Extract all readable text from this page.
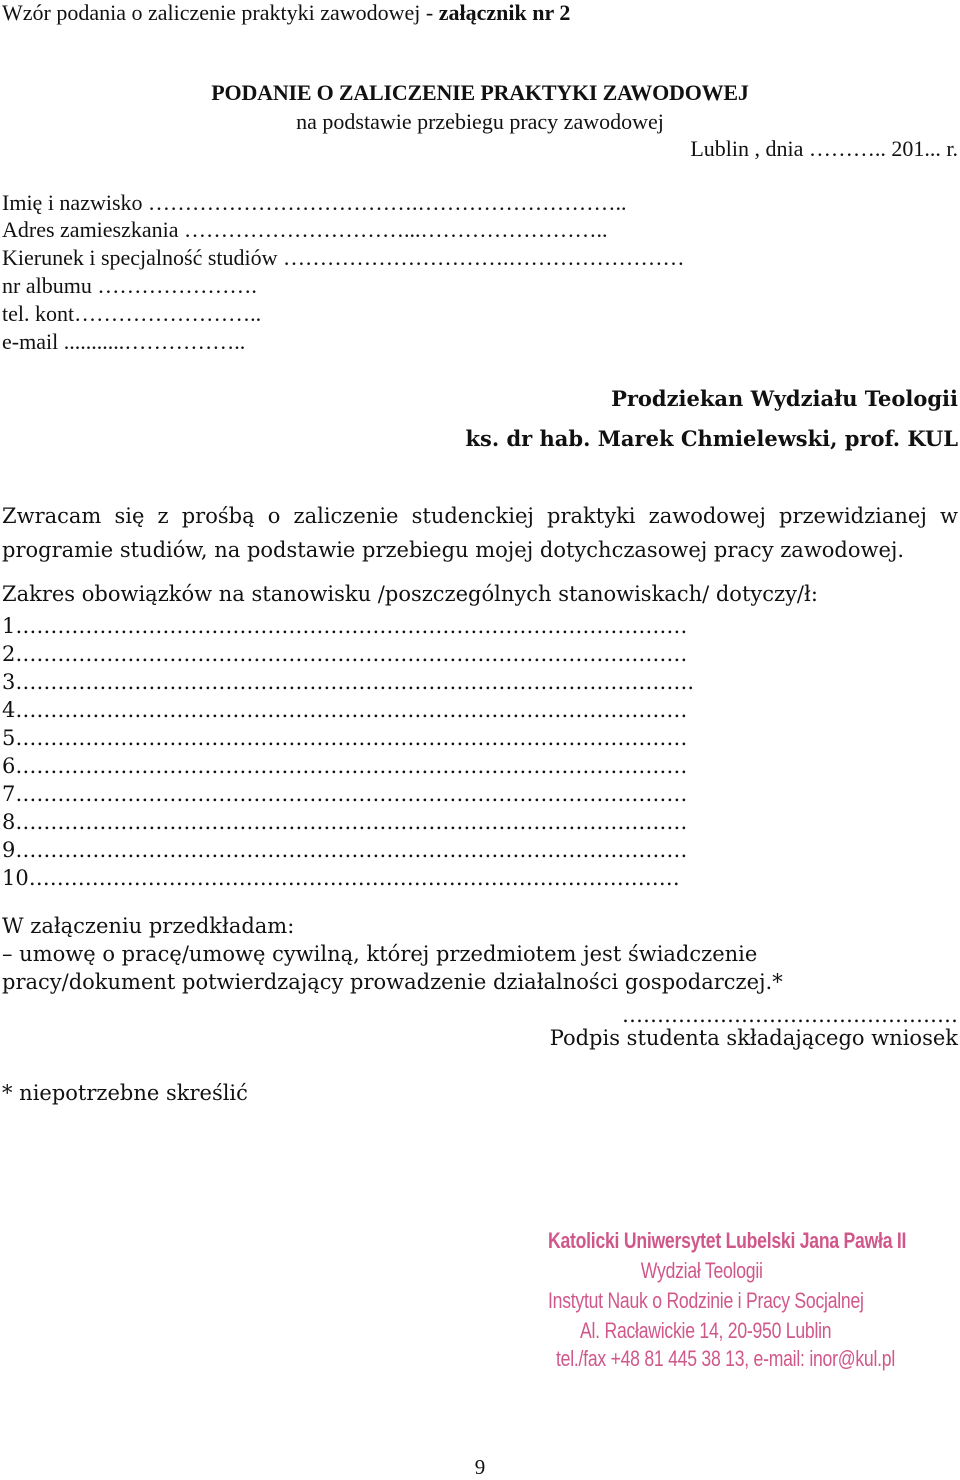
Wzór podania o zaliczenie praktyki zawodowej - załącznik nr 2
PODANIE O ZALICZENIE PRAKTYKI ZAWODOWEJ
na podstawie przebiegu pracy zawodowej
Lublin , dnia ……….. 201... r.
Imię i nazwisko ……………………………….………………………..
Adres zamieszkania …………………………...……………………..
Kierunek i specjalność studiów ………………………….……………………
nr albumu ………………….
tel. kont……………………..
e-mail ...........……………..
Prodziekan Wydziału Teologii
ks. dr hab. Marek Chmielewski, prof. KUL
Zwracam się z prośbą o zaliczenie studenckiej praktyki zawodowej przewidzianej w
programie studiów, na podstawie przebiegu mojej dotychczasowej pracy zawodowej.
Zakres obowiązków na stanowisku /poszczególnych stanowiskach/ dotyczy/ł:
1……………………………………………………………………………………
2……………………………………………………………………………………
3…………………………………………………………………………………….
4……………………………………………………………………………………
5……………………………………………………………………………………
6……………………………………………………………………………………
7……………………………………………………………………………………
8……………………………………………………………………………………
9……………………………………………………………………………………
10…………………………………………………………………………………
W załączeniu przedkładam:
– umowę o pracę/umowę cywilną, której przedmiotem jest świadczenie
pracy/dokument potwierdzający prowadzenie działalności gospodarczej.*
…………………………………………
Podpis studenta składającego wniosek
* niepotrzebne skreślić
Katolicki Uniwersytet Lubelski Jana Pawła II
Wydział Teologii
Instytut Nauk o Rodzinie i Pracy Socjalnej
Al. Racławickie 14, 20-950 Lublin
tel./fax +48 81 445 38 13, e-mail: inor@kul.pl
9
